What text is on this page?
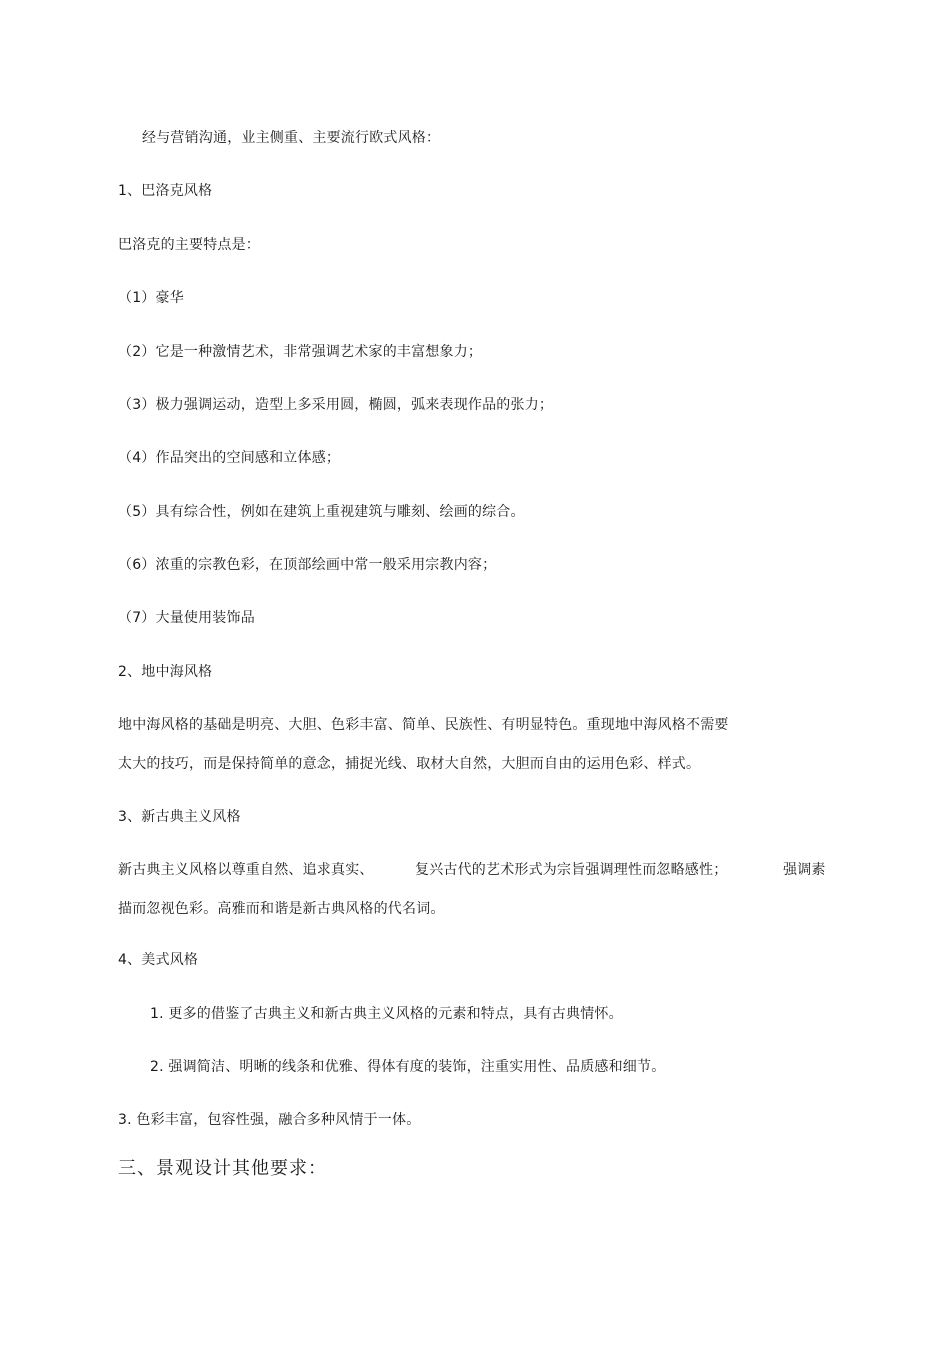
经与营销沟通，业主侧重、主要流行欧式风格：
1、巴洛克风格
巴洛克的主要特点是：
（1）豪华
（2）它是一种激情艺术，非常强调艺术家的丰富想象力；
（3）极力强调运动，造型上多采用圆，椭圆，弧来表现作品的张力；
（4）作品突出的空间感和立体感；
（5）具有综合性，例如在建筑上重视建筑与雕刻、绘画的综合。
（6）浓重的宗教色彩，在顶部绘画中常一般采用宗教内容；
（7）大量使用装饰品
2、地中海风格
地中海风格的基础是明亮、大胆、色彩丰富、简单、民族性、有明显特色。重现地中海风格不需要
太大的技巧，而是保持简单的意念，捕捉光线、取材大自然，大胆而自由的运用色彩、样式。
3、新古典主义风格
新古典主义风格以尊重自然、追求真实、	复兴古代的艺术形式为宗旨强调理性而忽略感性；	强调素
描而忽视色彩。高雅而和谐是新古典风格的代名词。
4、美式风格
1. 更多的借鉴了古典主义和新古典主义风格的元素和特点，具有古典情怀。
2. 强调简洁、明晰的线条和优雅、得体有度的装饰，注重实用性、品质感和细节。
3. 色彩丰富，包容性强，融合多种风情于一体。
三、景观设计其他要求：
